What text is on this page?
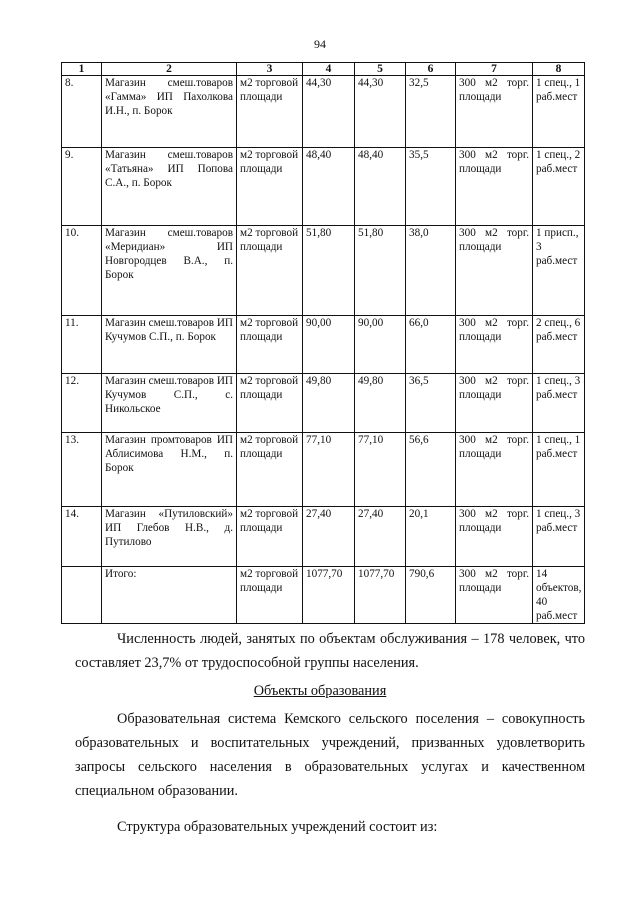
94
1	2	3	4	5	6	7	8
8.	Магазин смеш.товаров «Гамма» ИП Пахолкова И.Н., п. Борок	м2 торговой площади	44,30	44,30	32,5	300 м2 торг. площади	1 спец., 1 раб.мест
9.	Магазин смеш.товаров «Татьяна» ИП Попова С.А., п. Борок	м2 торговой площади	48,40	48,40	35,5	300 м2 торг. площади	1 спец., 2 раб.мест
10.	Магазин смеш.товаров «Меридиан» ИП Новгородцев В.А., п. Борок	м2 торговой площади	51,80	51,80	38,0	300 м2 торг. площади	1 присп., 3 раб.мест
11.	Магазин смеш.товаров ИП Кучумов С.П., п. Борок	м2 торговой площади	90,00	90,00	66,0	300 м2 торг. площади	2 спец., 6 раб.мест
12.	Магазин смеш.товаров ИП Кучумов С.П., с. Никольское	м2 торговой площади	49,80	49,80	36,5	300 м2 торг. площади	1 спец., 3 раб.мест
13.	Магазин промтоваров ИП Аблисимова Н.М., п. Борок	м2 торговой площади	77,10	77,10	56,6	300 м2 торг. площади	1 спец., 1 раб.мест
14.	Магазин «Путиловский» ИП Глебов Н.В., д. Путилово	м2 торговой площади	27,40	27,40	20,1	300 м2 торг. площади	1 спец., 3 раб.мест
	Итого:	м2 торговой площади	1077,70	1077,70	790,6	300 м2 торг. площади	14 объектов, 40 раб.мест
Численность людей, занятых по объектам обслуживания – 178 человек, что составляет 23,7% от трудоспособной группы населения.
Объекты образования
Образовательная система Кемского сельского поселения – совокупность образовательных и воспитательных учреждений, призванных удовлетворить запросы сельского населения в образовательных услугах и качественном специальном образовании.
Структура образовательных учреждений состоит из:
